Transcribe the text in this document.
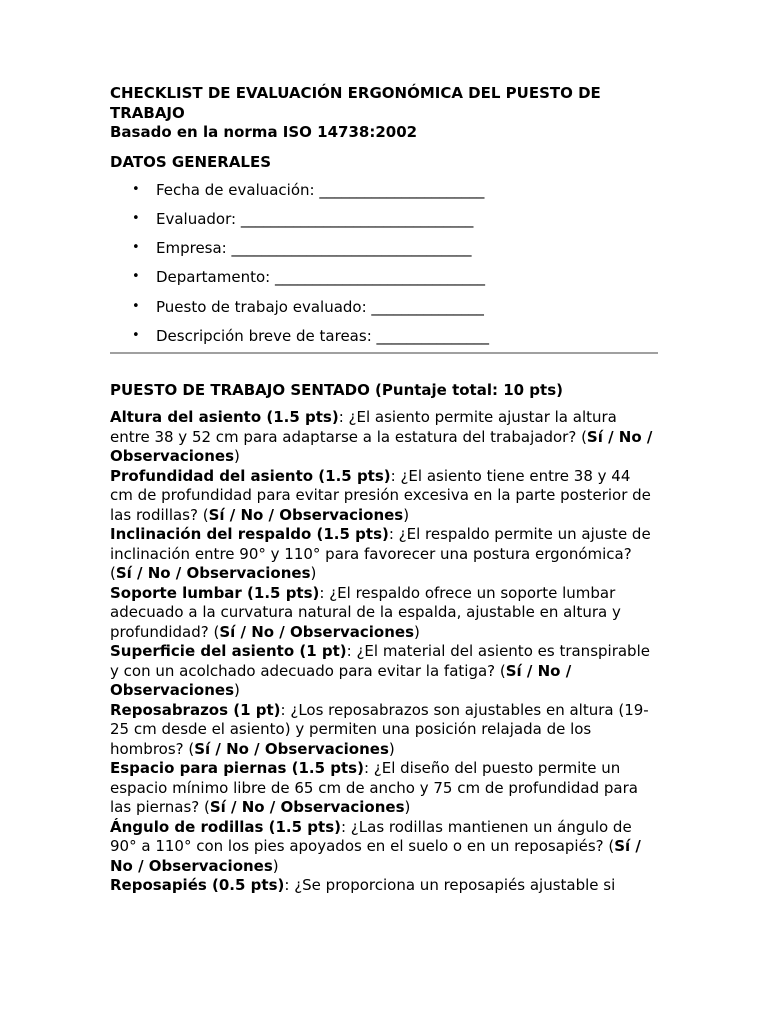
CHECKLIST DE EVALUACIÓN ERGONÓMICA DEL PUESTO DE TRABAJO

Basado en la norma ISO 14738:2002

DATOS GENERALES

• Fecha de evaluación: ______________________
• Evaluador: _______________________________
• Empresa: ________________________________
• Departamento: ____________________________
• Puesto de trabajo evaluado: _______________
• Descripción breve de tareas: _______________

PUESTO DE TRABAJO SENTADO (Puntaje total: 10 pts)

Altura del asiento (1.5 pts): ¿El asiento permite ajustar la altura entre 38 y 52 cm para adaptarse a la estatura del trabajador? (Sí / No / Observaciones)

Profundidad del asiento (1.5 pts): ¿El asiento tiene entre 38 y 44 cm de profundidad para evitar presión excesiva en la parte posterior de las rodillas? (Sí / No / Observaciones)

Inclinación del respaldo (1.5 pts): ¿El respaldo permite un ajuste de inclinación entre 90° y 110° para favorecer una postura ergonómica? (Sí / No / Observaciones)

Soporte lumbar (1.5 pts): ¿El respaldo ofrece un soporte lumbar adecuado a la curvatura natural de la espalda, ajustable en altura y profundidad? (Sí / No / Observaciones)

Superficie del asiento (1 pt): ¿El material del asiento es transpirable y con un acolchado adecuado para evitar la fatiga? (Sí / No / Observaciones)

Reposabrazos (1 pt): ¿Los reposabrazos son ajustables en altura (19-25 cm desde el asiento) y permiten una posición relajada de los hombros? (Sí / No / Observaciones)

Espacio para piernas (1.5 pts): ¿El diseño del puesto permite un espacio mínimo libre de 65 cm de ancho y 75 cm de profundidad para las piernas? (Sí / No / Observaciones)

Ángulo de rodillas (1.5 pts): ¿Las rodillas mantienen un ángulo de 90° a 110° con los pies apoyados en el suelo o en un reposapiés? (Sí / No / Observaciones)

Reposapiés (0.5 pts): ¿Se proporciona un reposapiés ajustable si
